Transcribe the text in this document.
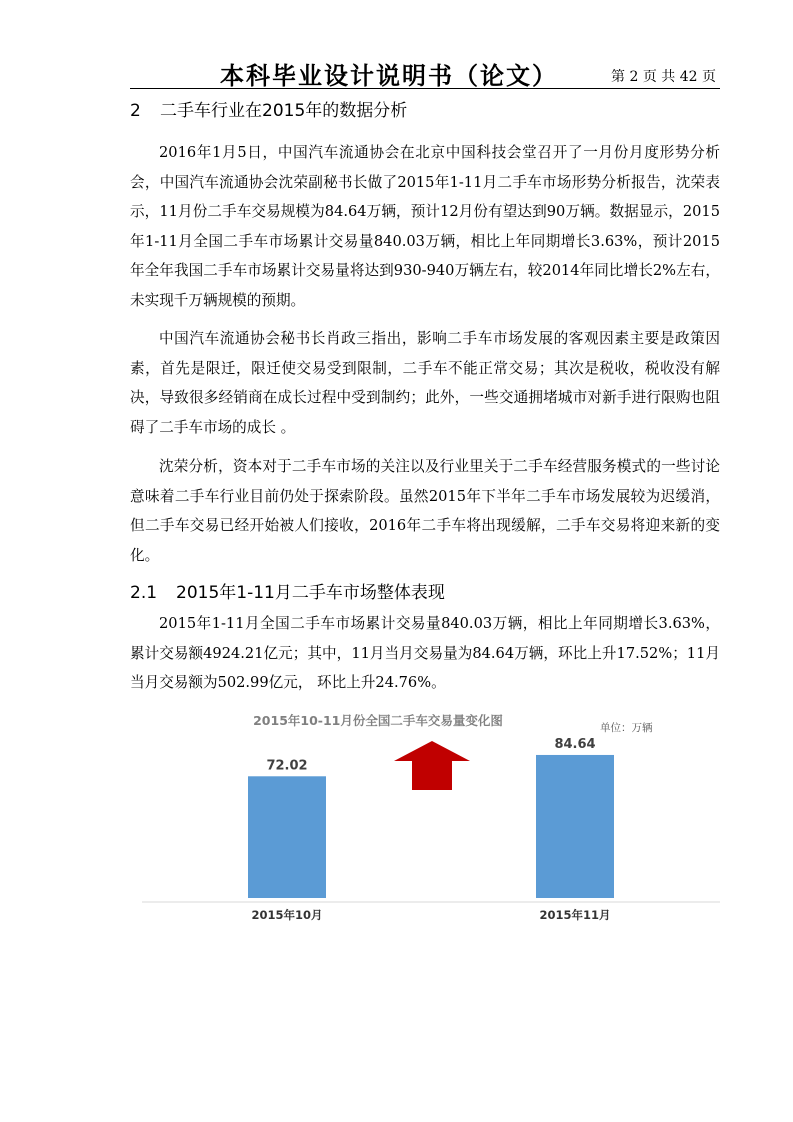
本科毕业设计说明书（论文）	第 2 页 共 42 页
2 二手车行业在2015年的数据分析
2016年1月5日，中国汽车流通协会在北京中国科技会堂召开了一月份月度形势分析会，中国汽车流通协会沈荣副秘书长做了2015年1-11月二手车市场形势分析报告，沈荣表示，11月份二手车交易规模为84.64万辆，预计12月份有望达到90万辆。数据显示，2015年1-11月全国二手车市场累计交易量840.03万辆，相比上年同期增长3.63%，预计2015年全年我国二手车市场累计交易量将达到930-940万辆左右，较2014年同比增长2%左右，未实现千万辆规模的预期。
中国汽车流通协会秘书长肖政三指出，影响二手车市场发展的客观因素主要是政策因素，首先是限迁，限迁使交易受到限制，二手车不能正常交易；其次是税收，税收没有解决，导致很多经销商在成长过程中受到制约；此外，一些交通拥堵城市对新手进行限购也阻碍了二手车市场的成长 。
沈荣分析，资本对于二手车市场的关注以及行业里关于二手车经营服务模式的一些讨论意味着二手车行业目前仍处于探索阶段。虽然2015年下半年二手车市场发展较为迟缓消，但二手车交易已经开始被人们接收，2016年二手车将出现缓解，二手车交易将迎来新的变化。
2.1 2015年1-11月二手车市场整体表现
2015年1-11月全国二手车市场累计交易量840.03万辆，相比上年同期增长3.63%，累计交易额4924.21亿元；其中，11月当月交易量为84.64万辆，环比上升17.52%；11月当月交易额为502.99亿元， 环比上升24.76%。
2015年10-11月份全国二手车交易量变化图	单位：万辆
72.02
2015年10月
84.64
2015年11月
